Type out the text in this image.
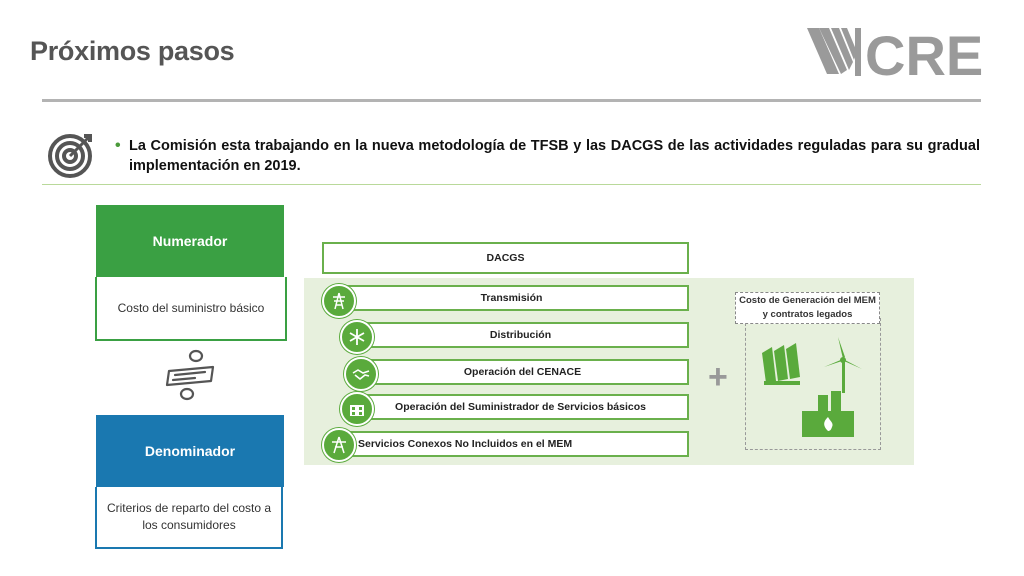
Próximos pasos	CRE
• La Comisión esta trabajando en la nueva metodología de TFSB y las DACGS de las actividades reguladas para su gradual implementación en 2019.
Numerador
Costo del suministro básico
Denominador
Criterios de reparto del costo a los consumidores
DACGS
Transmisión
Distribución
Operación del CENACE
Operación del Suministrador de Servicios básicos
Servicios Conexos No Incluidos en el MEM
+
Costo de Generación del MEM y contratos legados
